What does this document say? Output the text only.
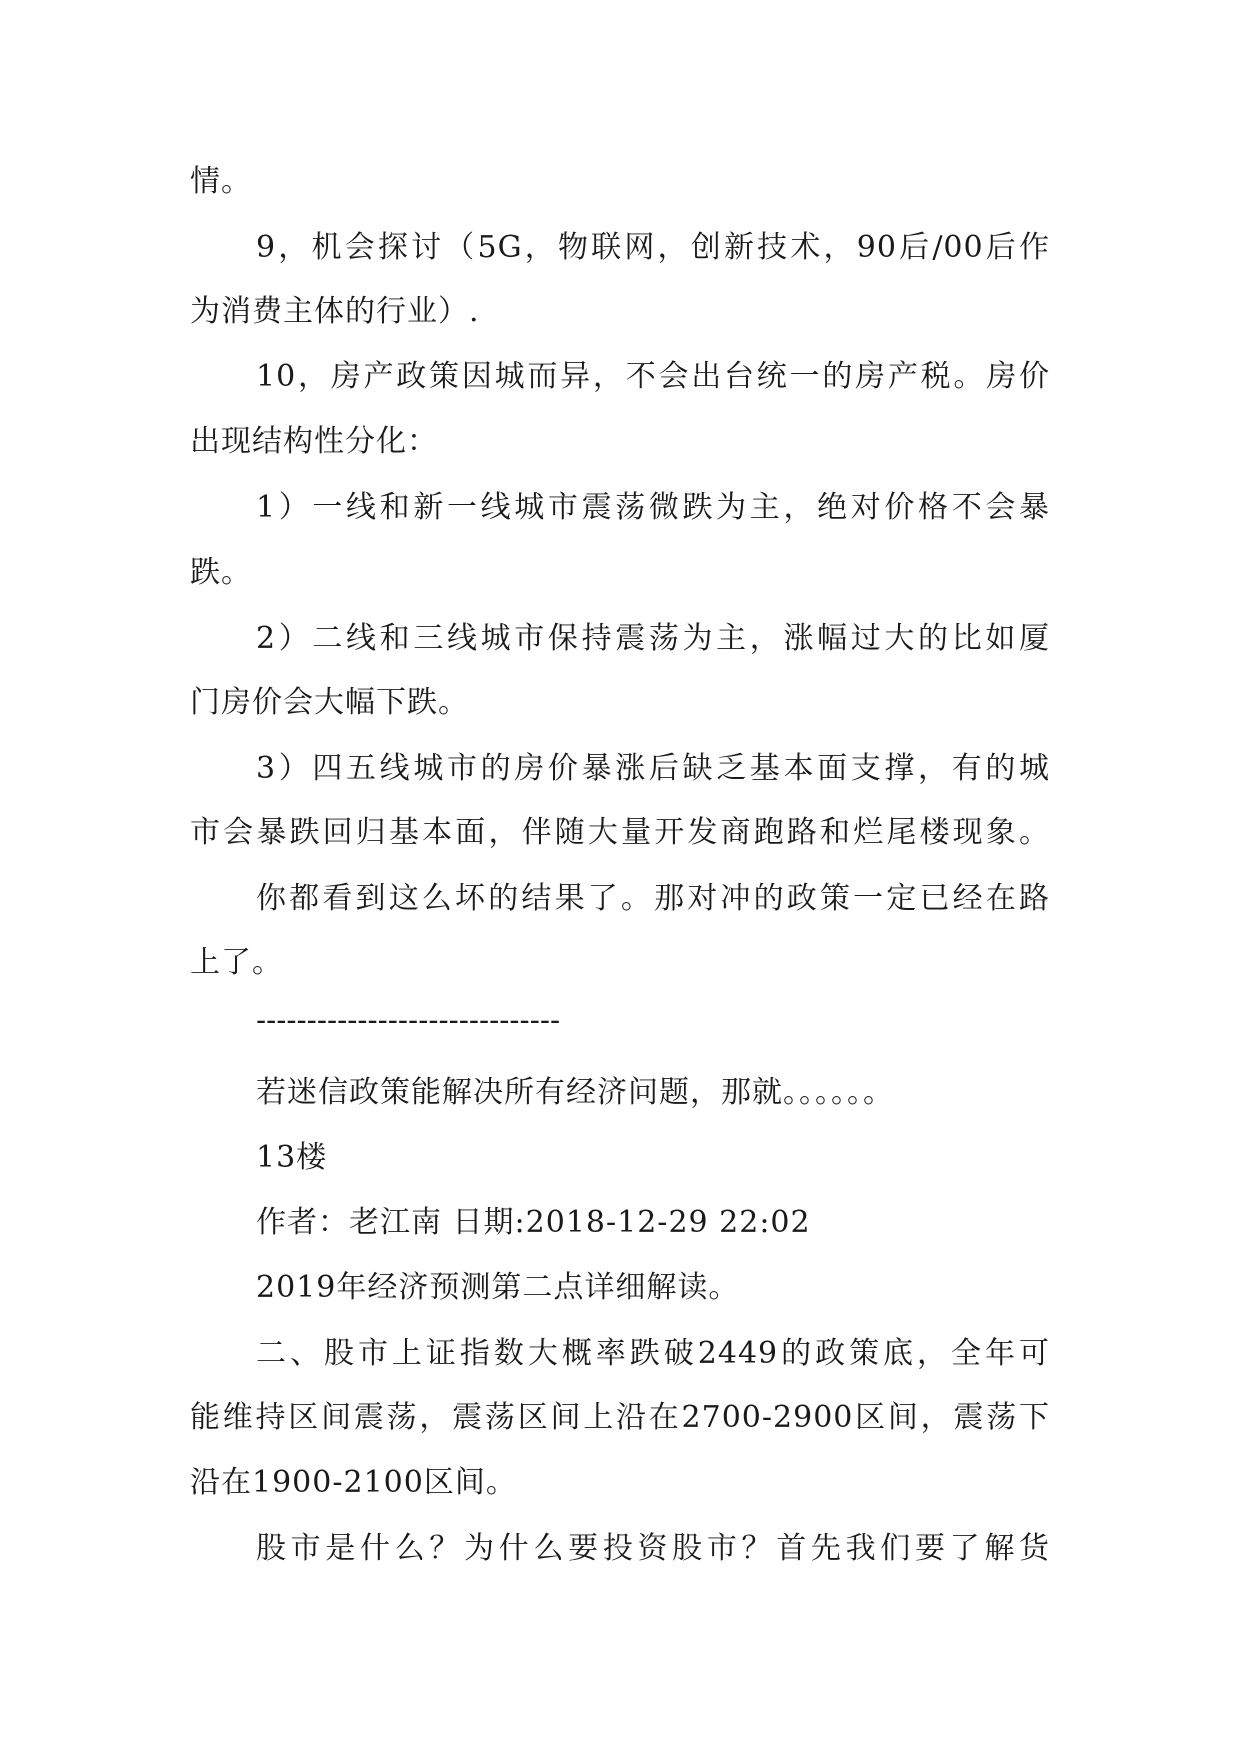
情。
9，机会探讨（5G，物联网，创新技术，90后/00后作
为消费主体的行业）.
10，房产政策因城而异，不会出台统一的房产税。房价
出现结构性分化：
1）一线和新一线城市震荡微跌为主，绝对价格不会暴
跌。
2）二线和三线城市保持震荡为主，涨幅过大的比如厦
门房价会大幅下跌。
3）四五线城市的房价暴涨后缺乏基本面支撑，有的城
市会暴跌回归基本面，伴随大量开发商跑路和烂尾楼现象。
你都看到这么坏的结果了。那对冲的政策一定已经在路
上了。
------------------------------
若迷信政策能解决所有经济问题，那就。。。。。。
13楼
作者：老江南 日期:2018-12-29 22:02
2019年经济预测第二点详细解读。
二、股市上证指数大概率跌破2449的政策底，全年可
能维持区间震荡，震荡区间上沿在2700-2900区间，震荡下
沿在1900-2100区间。
股市是什么？为什么要投资股市？首先我们要了解货
